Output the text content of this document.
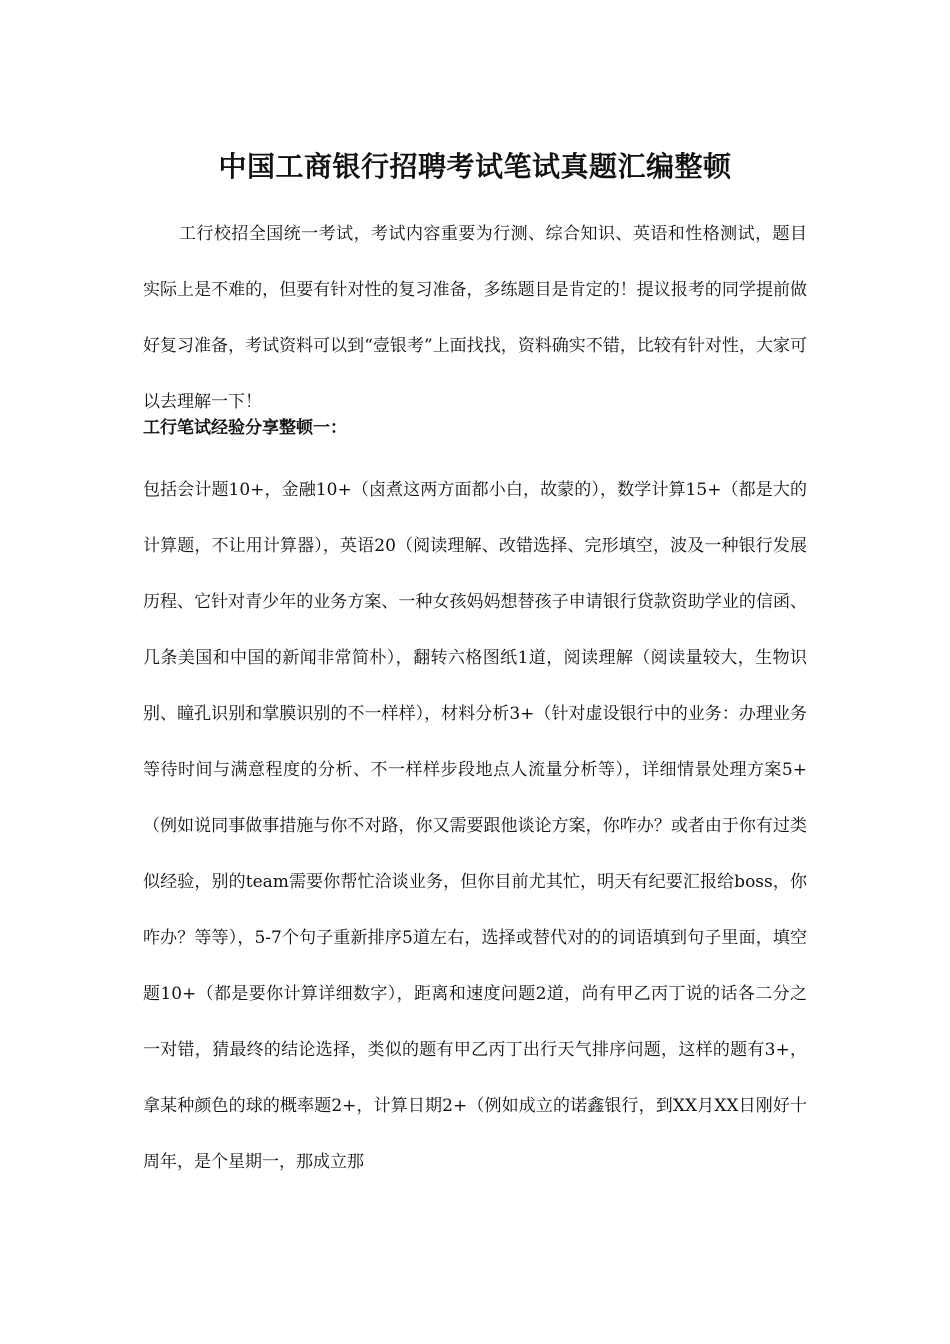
中国工商银行招聘考试笔试真题汇编整顿

工行校招全国统一考试，考试内容重要为行测、综合知识、英语和性格测试，题目实际上是不难的，但要有针对性的复习准备，多练题目是肯定的！提议报考的同学提前做好复习准备，考试资料可以到“壹银考”上面找找，资料确实不错，比较有针对性，大家可以去理解一下！

工行笔试经验分享整顿一：

包括会计题10+，金融10+（卤煮这两方面都小白，故蒙的），数学计算15+（都是大的计算题，不让用计算器），英语20（阅读理解、改错选择、完形填空，波及一种银行发展历程、它针对青少年的业务方案、一种女孩妈妈想替孩子申请银行贷款资助学业的信函、几条美国和中国的新闻非常简朴），翻转六格图纸1道，阅读理解（阅读量较大，生物识别、瞳孔识别和掌膜识别的不一样样），材料分析3+（针对虚设银行中的业务：办理业务等待时间与满意程度的分析、不一样样步段地点人流量分析等），详细情景处理方案5+（例如说同事做事措施与你不对路，你又需要跟他谈论方案，你咋办？或者由于你有过类似经验，别的team需要你帮忙洽谈业务，但你目前尤其忙，明天有纪要汇报给boss，你咋办？等等），5-7个句子重新排序5道左右，选择或替代对的的词语填到句子里面，填空题10+（都是要你计算详细数字），距离和速度问题2道，尚有甲乙丙丁说的话各二分之一对错，猜最终的结论选择，类似的题有甲乙丙丁出行天气排序问题，这样的题有3+，拿某种颜色的球的概率题2+，计算日期2+（例如成立的诺鑫银行，到XX月XX日刚好十周年，是个星期一，那成立那
